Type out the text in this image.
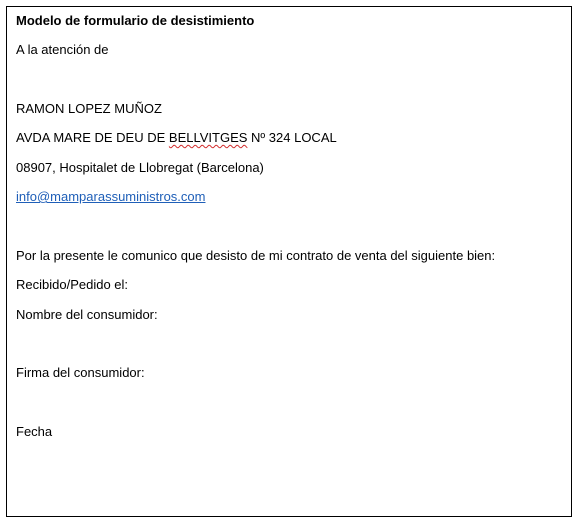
Modelo de formulario de desistimiento
A la atención de
RAMON LOPEZ MUÑOZ
AVDA MARE DE DEU DE BELLVITGES Nº 324 LOCAL
08907, Hospitalet de Llobregat (Barcelona)
info@mamparassuministros.com
Por la presente le comunico que desisto de mi contrato de venta del siguiente bien:
Recibido/Pedido el:
Nombre del consumidor:
Firma del consumidor:
Fecha
